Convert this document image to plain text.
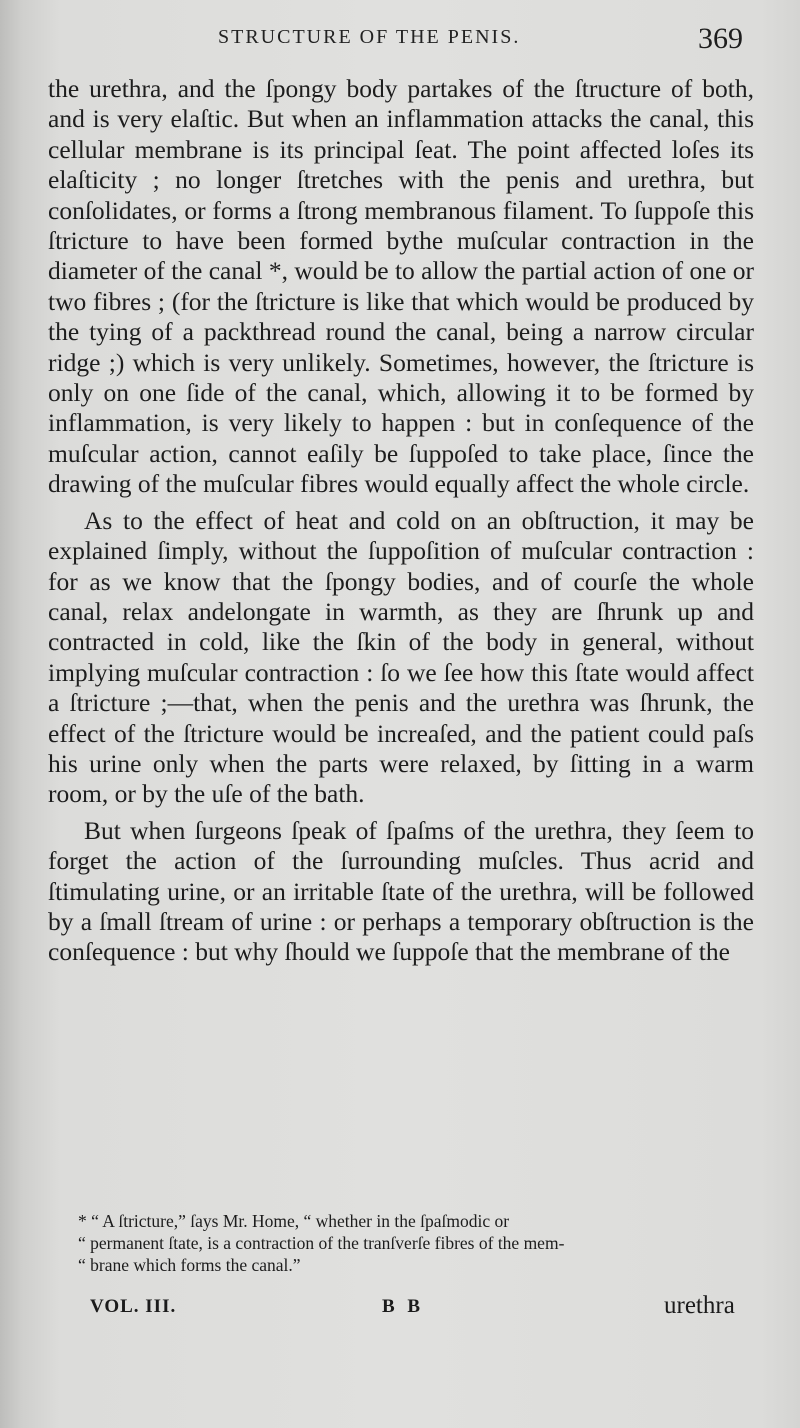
STRUCTURE OF THE PENIS.	369

the urethra, and the ſpongy body partakes of the ſtructure of both, and is very elaſtic. But when an inflammation attacks the canal, this cellular membrane is its principal ſeat. The point affected loſes its elaſticity ; no longer ſtretches with the penis and urethra, but conſolidates, or forms a ſtrong membranous filament. To ſuppoſe this ſtricture to have been formed bythe muſcular contraction in the diameter of the canal *, would be to allow the partial action of one or two fibres ; (for the ſtricture is like that which would be produced by the tying of a packthread round the canal, being a narrow circular ridge ;) which is very unlikely. Sometimes, however, the ſtricture is only on one ſide of the canal, which, allowing it to be formed by inflammation, is very likely to happen : but in conſequence of the muſcular action, cannot eaſily be ſuppoſed to take place, ſince the drawing of the muſcular fibres would equally affect the whole circle.

As to the effect of heat and cold on an obſtruction, it may be explained ſimply, without the ſuppoſition of muſcular contraction : for as we know that the ſpongy bodies, and of courſe the whole canal, relax andelongate in warmth, as they are ſhrunk up and contracted in cold, like the ſkin of the body in general, without implying muſcular contraction : ſo we ſee how this ſtate would affect a ſtricture ;—that, when the penis and the urethra was ſhrunk, the effect of the ſtricture would be increaſed, and the patient could paſs his urine only when the parts were relaxed, by ſitting in a warm room, or by the uſe of the bath.

But when ſurgeons ſpeak of ſpaſms of the urethra, they ſeem to forget the action of the ſurrounding muſcles. Thus acrid and ſtimulating urine, or an irritable ſtate of the urethra, will be followed by a ſmall ſtream of urine : or perhaps a temporary obſtruction is the conſequence : but why ſhould we ſuppoſe that the membrane of the

* “ A ſtricture,” ſays Mr. Home, “ whether in the ſpaſmodic or
“ permanent ſtate, is a contraction of the tranſverſe fibres of the mem-
“ brane which forms the canal.”
VOL. III.	B B	urethra
